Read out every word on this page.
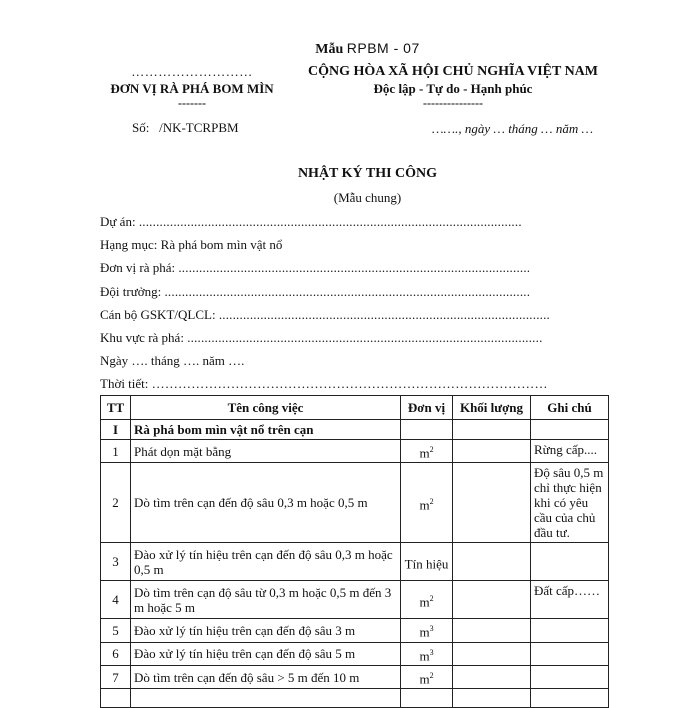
Mẫu RPBM - 07
………………………
ĐƠN VỊ RÀ PHÁ BOM MÌN
-------
Số: /NK-TCRPBM
CỘNG HÒA XÃ HỘI CHỦ NGHĨA VIỆT NAM
Độc lập - Tự do - Hạnh phúc
---------------
……., ngày … tháng … năm …
NHẬT KÝ THI CÔNG
(Mẫu chung)
Dự án: ...............................................................................................................
Hạng mục: Rà phá bom mìn vật nổ
Đơn vị rà phá: ......................................................................................................
Đội trưởng: ..........................................................................................................
Cán bộ GSKT/QLCL: ................................................................................................
Khu vực rà phá: .......................................................................................................
Ngày …. tháng …. năm ….
Thời tiết: ………………………………………………………………………………
TT	Tên công việc	Đơn vị	Khối lượng	Ghi chú
I	Rà phá bom mìn vật nổ trên cạn			
1	Phát dọn mặt bằng	$m^2$		Rừng cấp....
2	Dò tìm trên cạn đến độ sâu 0,3 m hoặc 0,5 m	$m^2$		Độ sâu 0,5 m chỉ thực hiện khi có yêu cầu của chủ đầu tư.
3	Đào xử lý tín hiệu trên cạn đến độ sâu 0,3 m hoặc 0,5 m	Tín hiệu		
4	Dò tìm trên cạn độ sâu từ 0,3 m hoặc 0,5 m đến 3 m hoặc 5 m	$m^2$		Đất cấp……
5	Đào xử lý tín hiệu trên cạn đến độ sâu 3 m	$m^3$		
6	Đào xử lý tín hiệu trên cạn đến độ sâu 5 m	$m^3$		
7	Dò tìm trên cạn đến độ sâu > 5 m đến 10 m	$m^2$		
